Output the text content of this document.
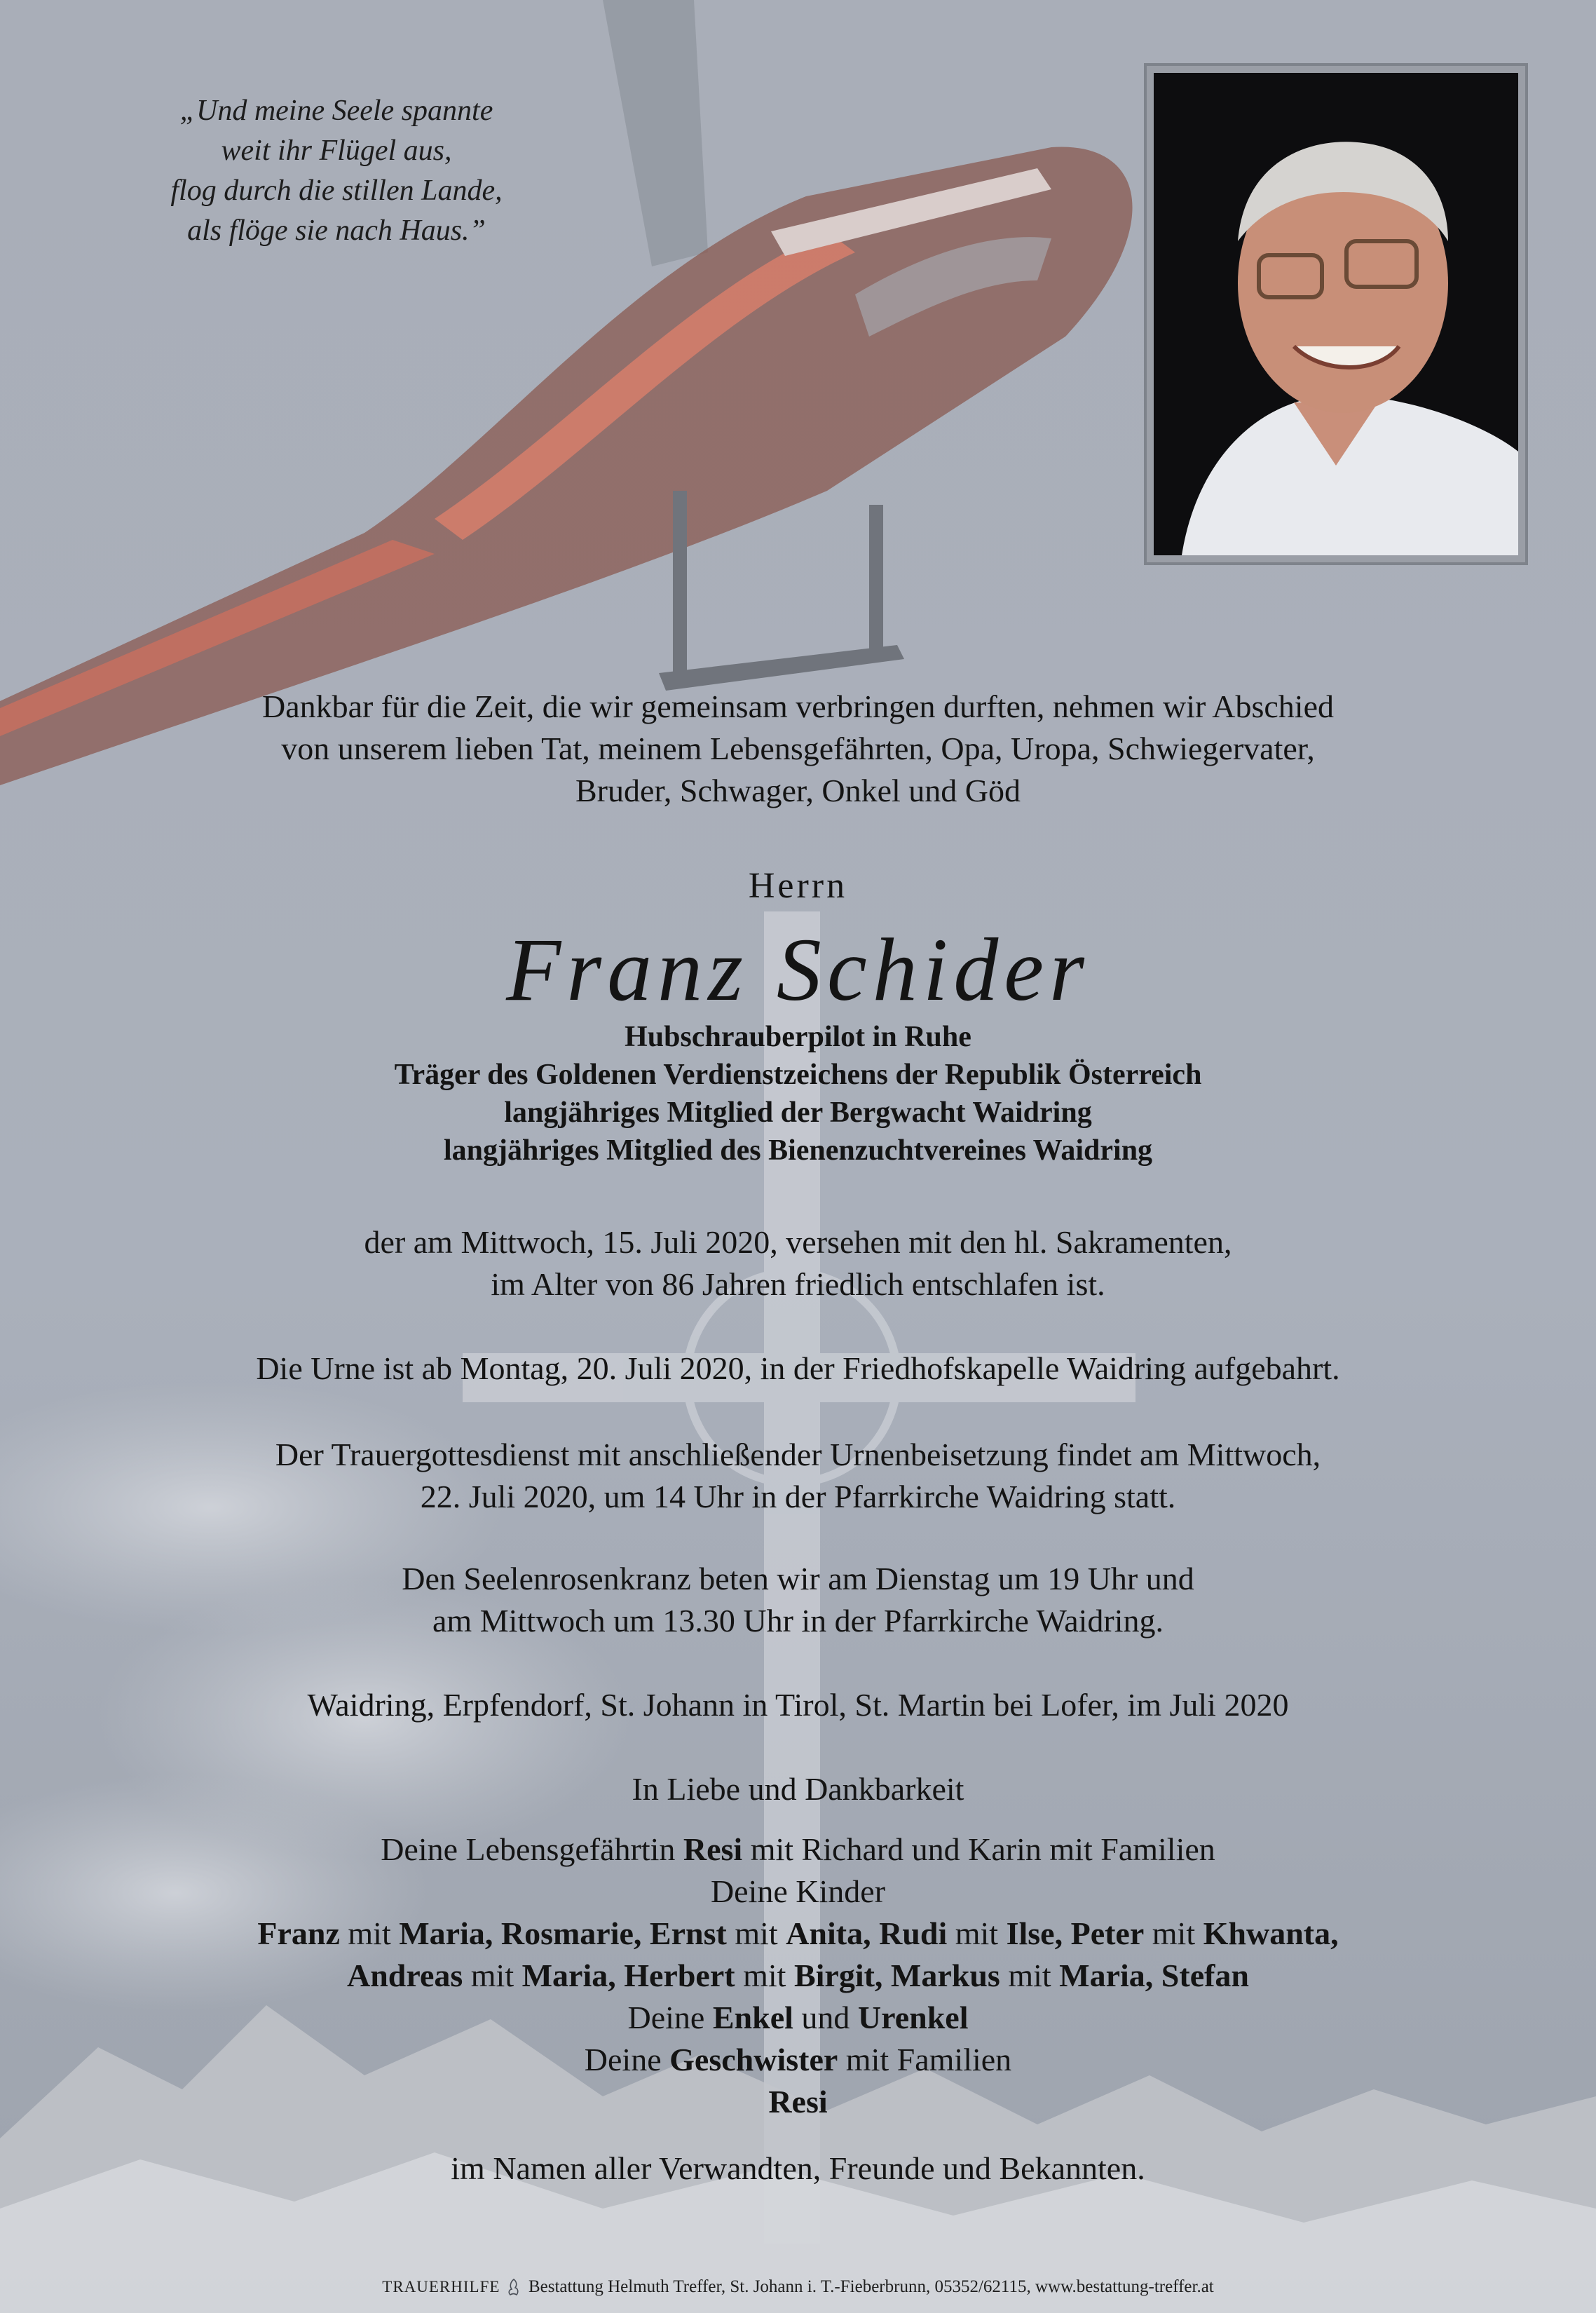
„Und meine Seele spannte
weit ihr Flügel aus,
flog durch die stillen Lande,
als flöge sie nach Haus.”
Dankbar für die Zeit, die wir gemeinsam verbringen durften, nehmen wir Abschied
von unserem lieben Tat, meinem Lebensgefährten, Opa, Uropa, Schwiegervater,
Bruder, Schwager, Onkel und Göd
Herrn
Franz Schider
Hubschrauberpilot in Ruhe
Träger des Goldenen Verdienstzeichens der Republik Österreich
langjähriges Mitglied der Bergwacht Waidring
langjähriges Mitglied des Bienenzuchtvereines Waidring
der am Mittwoch, 15. Juli 2020, versehen mit den hl. Sakramenten,
im Alter von 86 Jahren friedlich entschlafen ist.
Die Urne ist ab Montag, 20. Juli 2020, in der Friedhofskapelle Waidring aufgebahrt.
Der Trauergottesdienst mit anschließender Urnenbeisetzung findet am Mittwoch,
22. Juli 2020, um 14 Uhr in der Pfarrkirche Waidring statt.
Den Seelenrosenkranz beten wir am Dienstag um 19 Uhr und
am Mittwoch um 13.30 Uhr in der Pfarrkirche Waidring.
Waidring, Erpfendorf, St. Johann in Tirol, St. Martin bei Lofer, im Juli 2020
In Liebe und Dankbarkeit
Deine Lebensgefährtin Resi mit Richard und Karin mit Familien
Deine Kinder
Franz mit Maria, Rosmarie, Ernst mit Anita, Rudi mit Ilse, Peter mit Khwanta,
Andreas mit Maria, Herbert mit Birgit, Markus mit Maria, Stefan
Deine Enkel und Urenkel
Deine Geschwister mit Familien
Resi
im Namen aller Verwandten, Freunde und Bekannten.
TRAUERHILFE Bestattung Helmuth Treffer, St. Johann i. T.-Fieberbrunn, 05352/62115, www.bestattung-treffer.at
